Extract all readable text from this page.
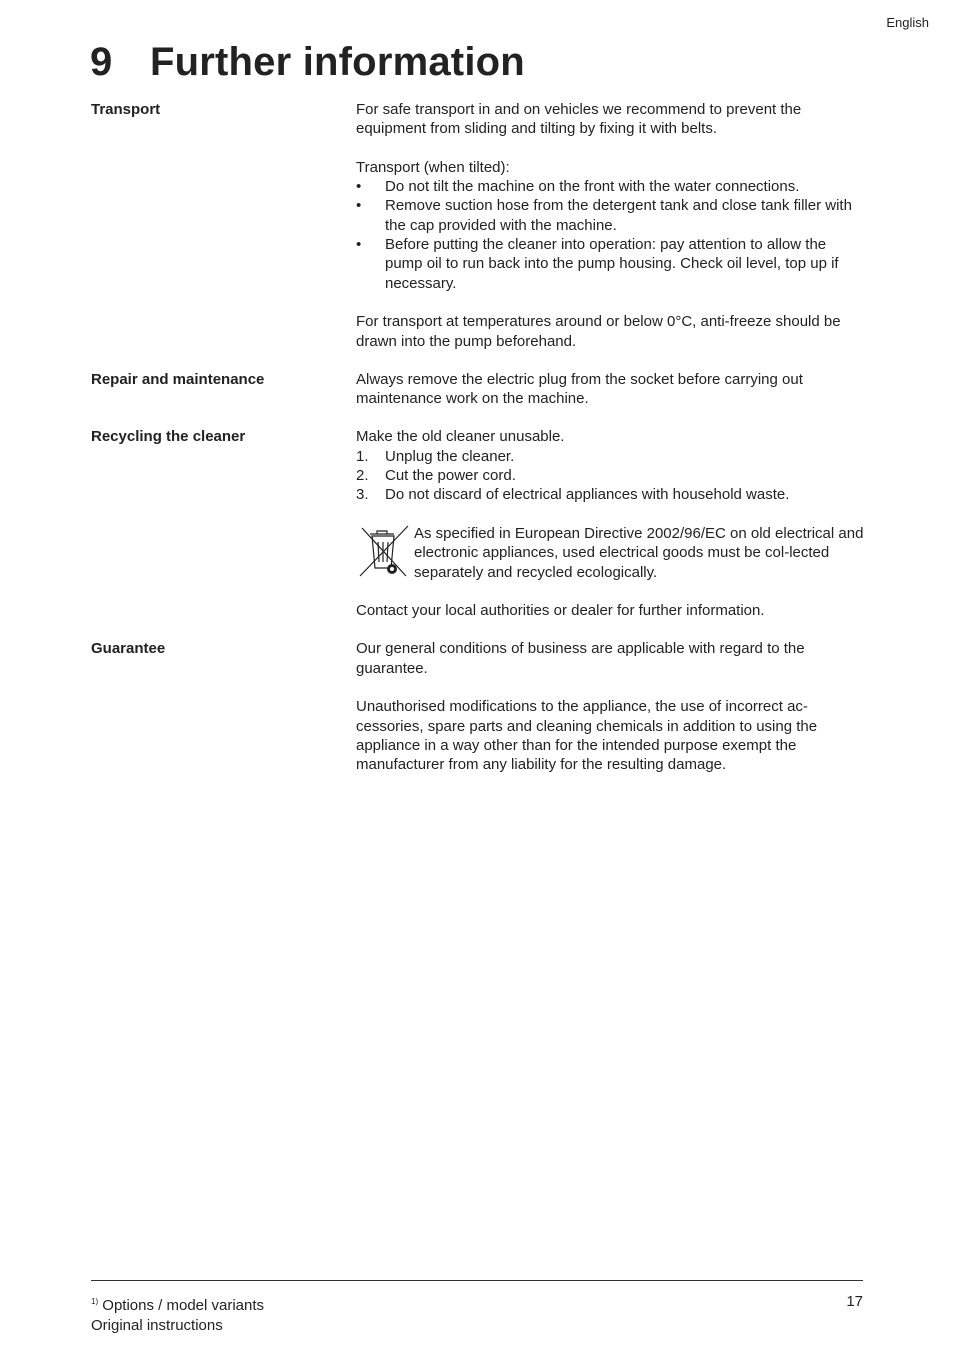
English
9 Further information
Transport	For safe transport in and on vehicles we recommend to prevent the equipment from sliding and tilting by fixing it with belts.

Transport (when tilted):

•	Do not tilt the machine on the front with the water connections.
•	Remove suction hose from the detergent tank and close tank filler with the cap provided with the machine.
•	Before putting the cleaner into operation: pay attention to allow the pump oil to run back into the pump housing. Check oil level, top up if necessary.

For transport at temperatures around or below 0°C, anti-freeze should be drawn into the pump beforehand.

Repair and maintenance	Always remove the electric plug from the socket before carrying out maintenance work on the machine.

Recycling the cleaner	Make the old cleaner unusable.

1.	Unplug the cleaner.
2.	Cut the power cord.
3.	Do not discard of electrical appliances with household waste.
As specified in European Directive 2002/96/EC on old electrical and electronic appliances, used electrical goods must be col-lected separately and recycled ecologically.

Contact your local authorities or dealer for further information.

Guarantee	Our general conditions of business are applicable with regard to the guarantee.

Unauthorised modifications to the appliance, the use of incorrect ac-cessories, spare parts and cleaning chemicals in addition to using the appliance in a way other than for the intended purpose exempt the manufacturer from any liability for the resulting damage.

$^{1)}$ Options / model variants
Original instructions
17
